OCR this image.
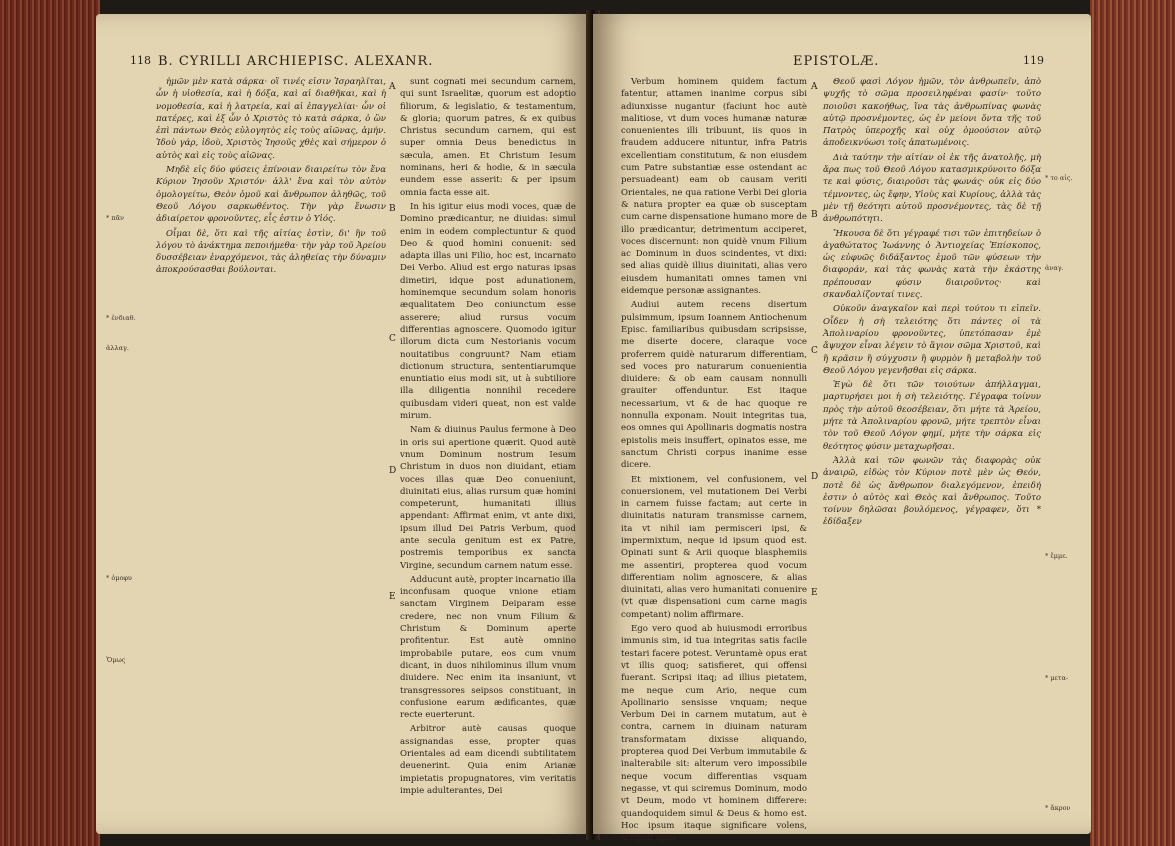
118 B. CYRILLI ARCHIEPISC. ALEXANR.

ἡμῶν μὲν κατὰ σάρκα· οἳ τινές εἰσιν Ἰσραηλῖται, ὧν ἡ υἱοθεσία, καὶ ἡ δόξα, καὶ αἱ διαθῆκαι, καὶ ἡ νομοθεσία, καὶ ἡ λατρεία, καὶ αἱ ἐπαγγελίαι· ὧν οἱ πατέρες, καὶ ἐξ ὧν ὁ Χριστὸς τὸ κατὰ σάρκα, ὁ ὢν ἐπὶ πάντων Θεὸς εὐλογητὸς εἰς τοὺς αἰῶνας, ἀμήν. Ἰδοὺ γάρ, ἰδοὺ, Χριστὸς Ἰησοῦς χθὲς καὶ σήμερον ὁ αὐτὸς καὶ εἰς τοὺς αἰῶνας.

Μηδὲ εἰς δύο φύσεις ἐπίνοιαν διαιρείτω τὸν ἕνα Κύριον Ἰησοῦν Χριστόν· ἀλλ' ἕνα καὶ τὸν αὐτὸν ὁμολογείτω, Θεὸν ὁμοῦ καὶ ἄνθρωπον ἀληθῶς, τοῦ Θεοῦ Λόγου σαρκωθέντος. Τὴν γὰρ ἕνωσιν ἀδιαίρετον φρονοῦντες, εἷς ἐστιν ὁ Υἱός.

Οἶμαι δὲ, ὅτι καὶ τῆς αἰτίας ἐστὶν, δι' ἣν τοῦ λόγου τὸ ἀνάκτημα πεποιήμεθα· τὴν γὰρ τοῦ Ἀρείου δυσσέβειαν ἐναρχόμενοι, τὰς ἀληθείας τὴν δύναμιν ἀποκρούσασθαι βούλονται.

A
B
C
D
E

sunt cognati mei secundum carnem, qui sunt Israelitæ, quorum est adoptio filiorum, & legislatio, & testamentum, & gloria; quorum patres, & ex quibus Christus secundum carnem, qui est super omnia Deus benedictus in sæcula, amen. Et Christum Iesum nominans, heri & hodie, & in sæcula eundem esse asserit: & per ipsum omnia facta esse ait.

In his igitur eius modi voces, quæ de Domino prædicantur, ne diuidas: simul enim in eodem complectuntur & quod Deo & quod homini conuenit: sed adapta illas uni Filio, hoc est, incarnato Dei Verbo. Aliud est ergo naturas ipsas dimetiri, idque post adunationem, hominemque secundum solam honoris æqualitatem Deo coniunctum esse asserere; aliud rursus vocum differentias agnoscere. Quomodo igitur illorum dicta cum Nestorianis vocum nouitatibus congruunt? Nam etiam dictionum structura, sententiarumque enuntiatio eius modi sit, ut à subtiliore illa diligentia nonnihil recedere quibusdam videri queat, non est valde mirum.

Nam & diuinus Paulus fermone à Deo in oris sui apertione quærit. Quod autè vnum Dominum nostrum Iesum Christum in duos non diuidant, etiam voces illas quæ Deo conueniunt, diuinitati eius, alias rursum quæ homini competerunt, humanitati illius appendant: Affirmat enim, vt ante dixi, ipsum illud Dei Patris Verbum, quod ante secula genitum est ex Patre, postremis temporibus ex sancta Virgine, secundum carnem natum esse.

Adducunt autè, propter incarnatio illa inconfusam quoque vnione etiam sanctam Virginem Deiparam esse credere, nec non vnum Filium & Christum & Dominum aperte profitentur. Est autè omnino improbabile putare, eos cum vnum dicant, in duos nihilominus illum vnum diuidere. Nec enim ita insaniunt, vt transgressores seipsos constituant, in confusione earum ædificantes, quæ recte euerterunt.

Arbitror autè causas quoque assignandas esse, propter quas Orientales ad eam dicendi subtilitatem deuenerint. Quia enim Arianæ impietatis propugnatores, vim veritatis impie adulterantes, Dei

* πᾶν
* ἐνδιαθ.
ἀλλαγ.
* ὁμοφυ
Ὅμως
EPISTOLÆ.	119

Verbum hominem quidem factum fatentur, attamen inanime corpus sibi adiunxisse nugantur (faciunt hoc autè malitiose, vt dum voces humanæ naturæ conuenientes illi tribuunt, iis quos in fraudem adducere nituntur, infra Patris excellentiam constitutum, & non eiusdem cum Patre substantiæ esse ostendant ac persuadeant) eam ob causam veriti Orientales, ne qua ratione Verbi Dei gloria & natura propter ea quæ ob susceptam cum carne dispensatione humano more de illo prædicantur, detrimentum acciperet, voces discernunt: non quidè vnum Filium ac Dominum in duos scindentes, vt dixi: sed alias quidè illius diuinitati, alias vero eiusdem humanitati omnes tamen vni eidemque personæ assignantes.

Audiui autem recens disertum pulsimmum, ipsum Ioannem Antiochenum Episc. familiaribus quibusdam scripsisse, me diserte docere, claraque voce proferrem quidè naturarum differentiam, sed voces pro naturarum conuenientia diuidere: & ob eam causam nonnulli grauiter offenduntur. Est itaque necessarium, vt & de hac quoque re nonnulla exponam. Nouit integritas tua, eos omnes qui Apollinaris dogmatis nostra epistolis meis insuffert, opinatos esse, me sanctum Christi corpus inanime esse dicere.

Et mixtionem, vel confusionem, vel conuersionem, vel mutationem Dei Verbi in carnem fuisse factam; aut certe in diuinitatis naturam transmisse carnem, ita vt nihil iam permisceri ipsi, & impermixtum, neque id ipsum quod est. Opinati sunt & Arii quoque blasphemiis me assentiri, propterea quod vocum differentiam nolim agnoscere, & alias diuinitati, alias vero humanitati conuenire (vt quæ dispensationi cum carne magis competant) nolim affirmare.

Ego vero quod ab huiusmodi erroribus immunis sim, id tua integritas satis facile testari facere potest. Veruntamè opus erat vt illis quoq; satisfieret, qui offensi fuerant. Scripsi itaq; ad illius pietatem, me neque cum Ario, neque cum Apollinario sensisse vnquam; neque Verbum Dei in carnem mutatum, aut è contra, carnem in diuinam naturam transformatam dixisse aliquando, propterea quod Dei Verbum immutabile & inalterabile sit: alterum vero impossibile neque vocum differentias vsquam negasse, vt qui sciremus Dominum, modo vt Deum, modo vt hominem differere: quandoquidem simul & Deus & homo est. Hoc ipsum itaque significare volens, scripsit opus

A
B
C
D
E

Θεοῦ φασὶ Λόγον ἡμῶν, τὸν ἀνθρωπεῖν, ἀπὸ ψυχῆς τὸ σῶμα προσειληφέναι φασίν· τοῦτο ποιοῦσι κακοήθως, ἵνα τὰς ἀνθρωπίνας φωνὰς αὐτῷ προσνέμοντες, ὡς ἐν μείονι ὄντα τῆς τοῦ Πατρὸς ὑπεροχῆς καὶ οὐχ ὁμοούσιον αὐτῷ ἀποδεικνύωσι τοῖς ἀπατωμένοις.

Διὰ ταύτην τὴν αἰτίαν οἱ ἐκ τῆς ἀνατολῆς, μὴ ἄρα πως τοῦ Θεοῦ Λόγου κατασμικρύνοιτο δόξα τε καὶ φύσις, διαιροῦσι τὰς φωνάς· οὐκ εἰς δύο τέμνοντες, ὡς ἔφην, Υἱοὺς καὶ Κυρίους, ἀλλὰ τὰς μὲν τῇ θεότητι αὐτοῦ προσνέμοντες, τὰς δὲ τῇ ἀνθρωπότητι.

Ἤκουσα δὲ ὅτι γέγραφέ τισι τῶν ἐπιτηδείων ὁ ἀγαθώτατος Ἰωάννης ὁ Ἀντιοχείας Ἐπίσκοπος, ὡς εὐφυῶς διδάξαντος ἐμοῦ τῶν φύσεων τὴν διαφοράν, καὶ τὰς φωνὰς κατὰ τὴν ἑκάστης πρέπουσαν φύσιν διαιροῦντος· καὶ σκανδαλίζονταί τινες.

Οὐκοῦν ἀναγκαῖον καὶ περὶ τούτου τι εἰπεῖν. Οἶδεν ἡ σὴ τελειότης ὅτι πάντες οἱ τὰ Ἀπολιναρίου φρονοῦντες, ὑπετόπασαν ἐμὲ ἄψυχον εἶναι λέγειν τὸ ἅγιον σῶμα Χριστοῦ, καὶ ἢ κρᾶσιν ἢ σύγχυσιν ἢ φυρμὸν ἢ μεταβολὴν τοῦ Θεοῦ Λόγου γεγενῆσθαι εἰς σάρκα.

Ἐγὼ δὲ ὅτι τῶν τοιούτων ἀπήλλαγμαι, μαρτυρήσει μοι ἡ σὴ τελειότης. Γέγραφα τοίνυν πρὸς τὴν αὐτοῦ θεοσέβειαν, ὅτι μήτε τὰ Ἀρείου, μήτε τὰ Ἀπολιναρίου φρονῶ, μήτε τρεπτὸν εἶναι τὸν τοῦ Θεοῦ Λόγον φημί, μήτε τὴν σάρκα εἰς θεότητος φύσιν μεταχωρῆσαι.

Ἀλλὰ καὶ τῶν φωνῶν τὰς διαφορὰς οὐκ ἀναιρῶ, εἰδὼς τὸν Κύριον ποτὲ μὲν ὡς Θεόν, ποτὲ δὲ ὡς ἄνθρωπον διαλεγόμενον, ἐπειδή ἐστιν ὁ αὐτὸς καὶ Θεὸς καὶ ἄνθρωπος. Τοῦτο τοίνυν δηλῶσαι βουλόμενος, γέγραφεν, ὅτι * ἐδίδαξεν

* το αἰς.
ἀναγ.
* ἔμμε.
* μετα-
* ἄκρον
